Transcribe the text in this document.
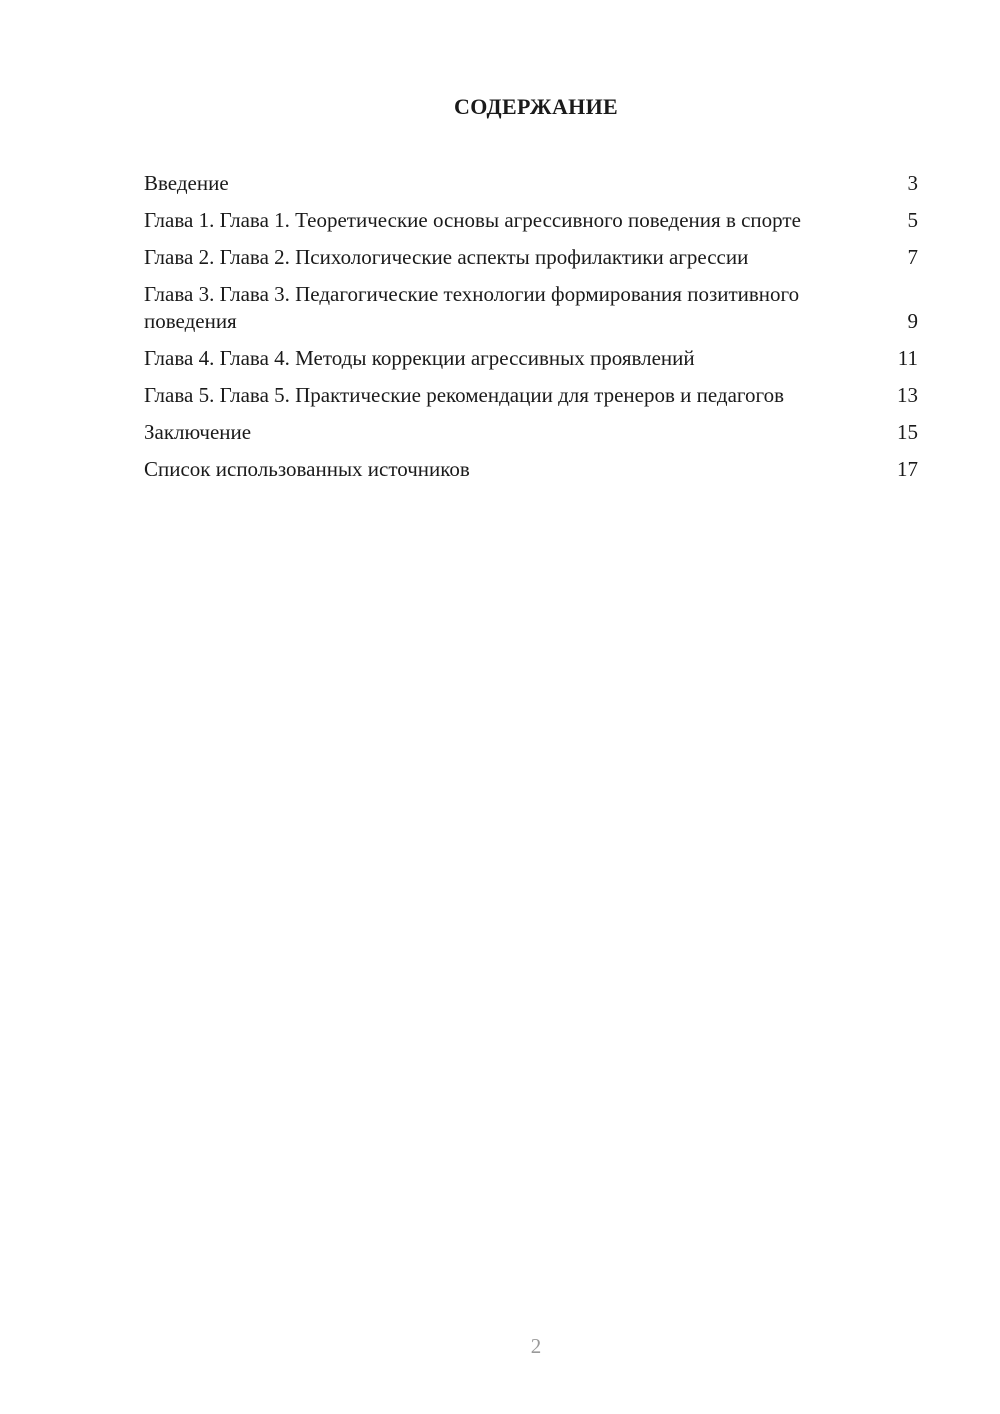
СОДЕРЖАНИЕ
Введение	3
Глава 1. Глава 1. Теоретические основы агрессивного поведения в спорте	5
Глава 2. Глава 2. Психологические аспекты профилактики агрессии	7
Глава 3. Глава 3. Педагогические технологии формирования позитивного поведения	9
Глава 4. Глава 4. Методы коррекции агрессивных проявлений	11
Глава 5. Глава 5. Практические рекомендации для тренеров и педагогов	13
Заключение	15
Список использованных источников	17
2
